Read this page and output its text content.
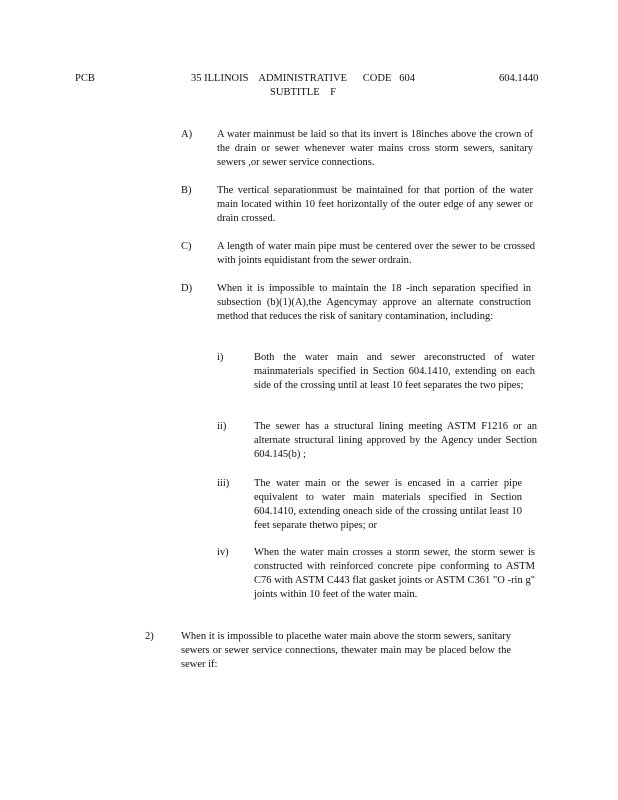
PCB	35 ILLINOIS    ADMINISTRATIVE      CODE   604
SUBTITLE    F
604.1440
A) A water mainmust be laid so that its invert is 18inches above the crown of the drain or sewer whenever water mains cross storm sewers, sanitary sewers ,or sewer service connections.
B) The vertical separationmust be maintained for that portion of the water main located within 10 feet horizontally of the outer edge of any sewer or drain crossed.
C) A length of water main pipe must be centered over the sewer to be crossed with joints equidistant from the sewer ordrain.
D) When it is impossible to maintain the 18 -inch separation specified in subsection (b)(1)(A),the Agencymay approve an alternate construction method that reduces the risk of sanitary contamination, including:
i)	Both the water main and sewer areconstructed of water mainmaterials specified in Section 604.1410, extending on each side of the crossing until at least 10 feet separates the two pipes;
ii)	The sewer has a structural lining meeting ASTM F1216 or an alternate structural lining approved by the Agency under Section 604.145(b) ;
iii) The water main or the sewer is encased in a carrier pipe equivalent to water main materials specified in Section 604.1410, extending oneach side of the crossing untilat least 10 feet separate thetwo pipes; or
iv) When the water main crosses a storm sewer, the storm sewer is constructed with reinforced concrete pipe conforming to ASTM C76 with ASTM C443 flat gasket joints or ASTM C361 "O -rin g" joints within 10 feet of the water main.
2)	When it is impossible to placethe water main above the storm sewers, sanitary sewers or sewer service connections, thewater main may be placed below the sewer if:
